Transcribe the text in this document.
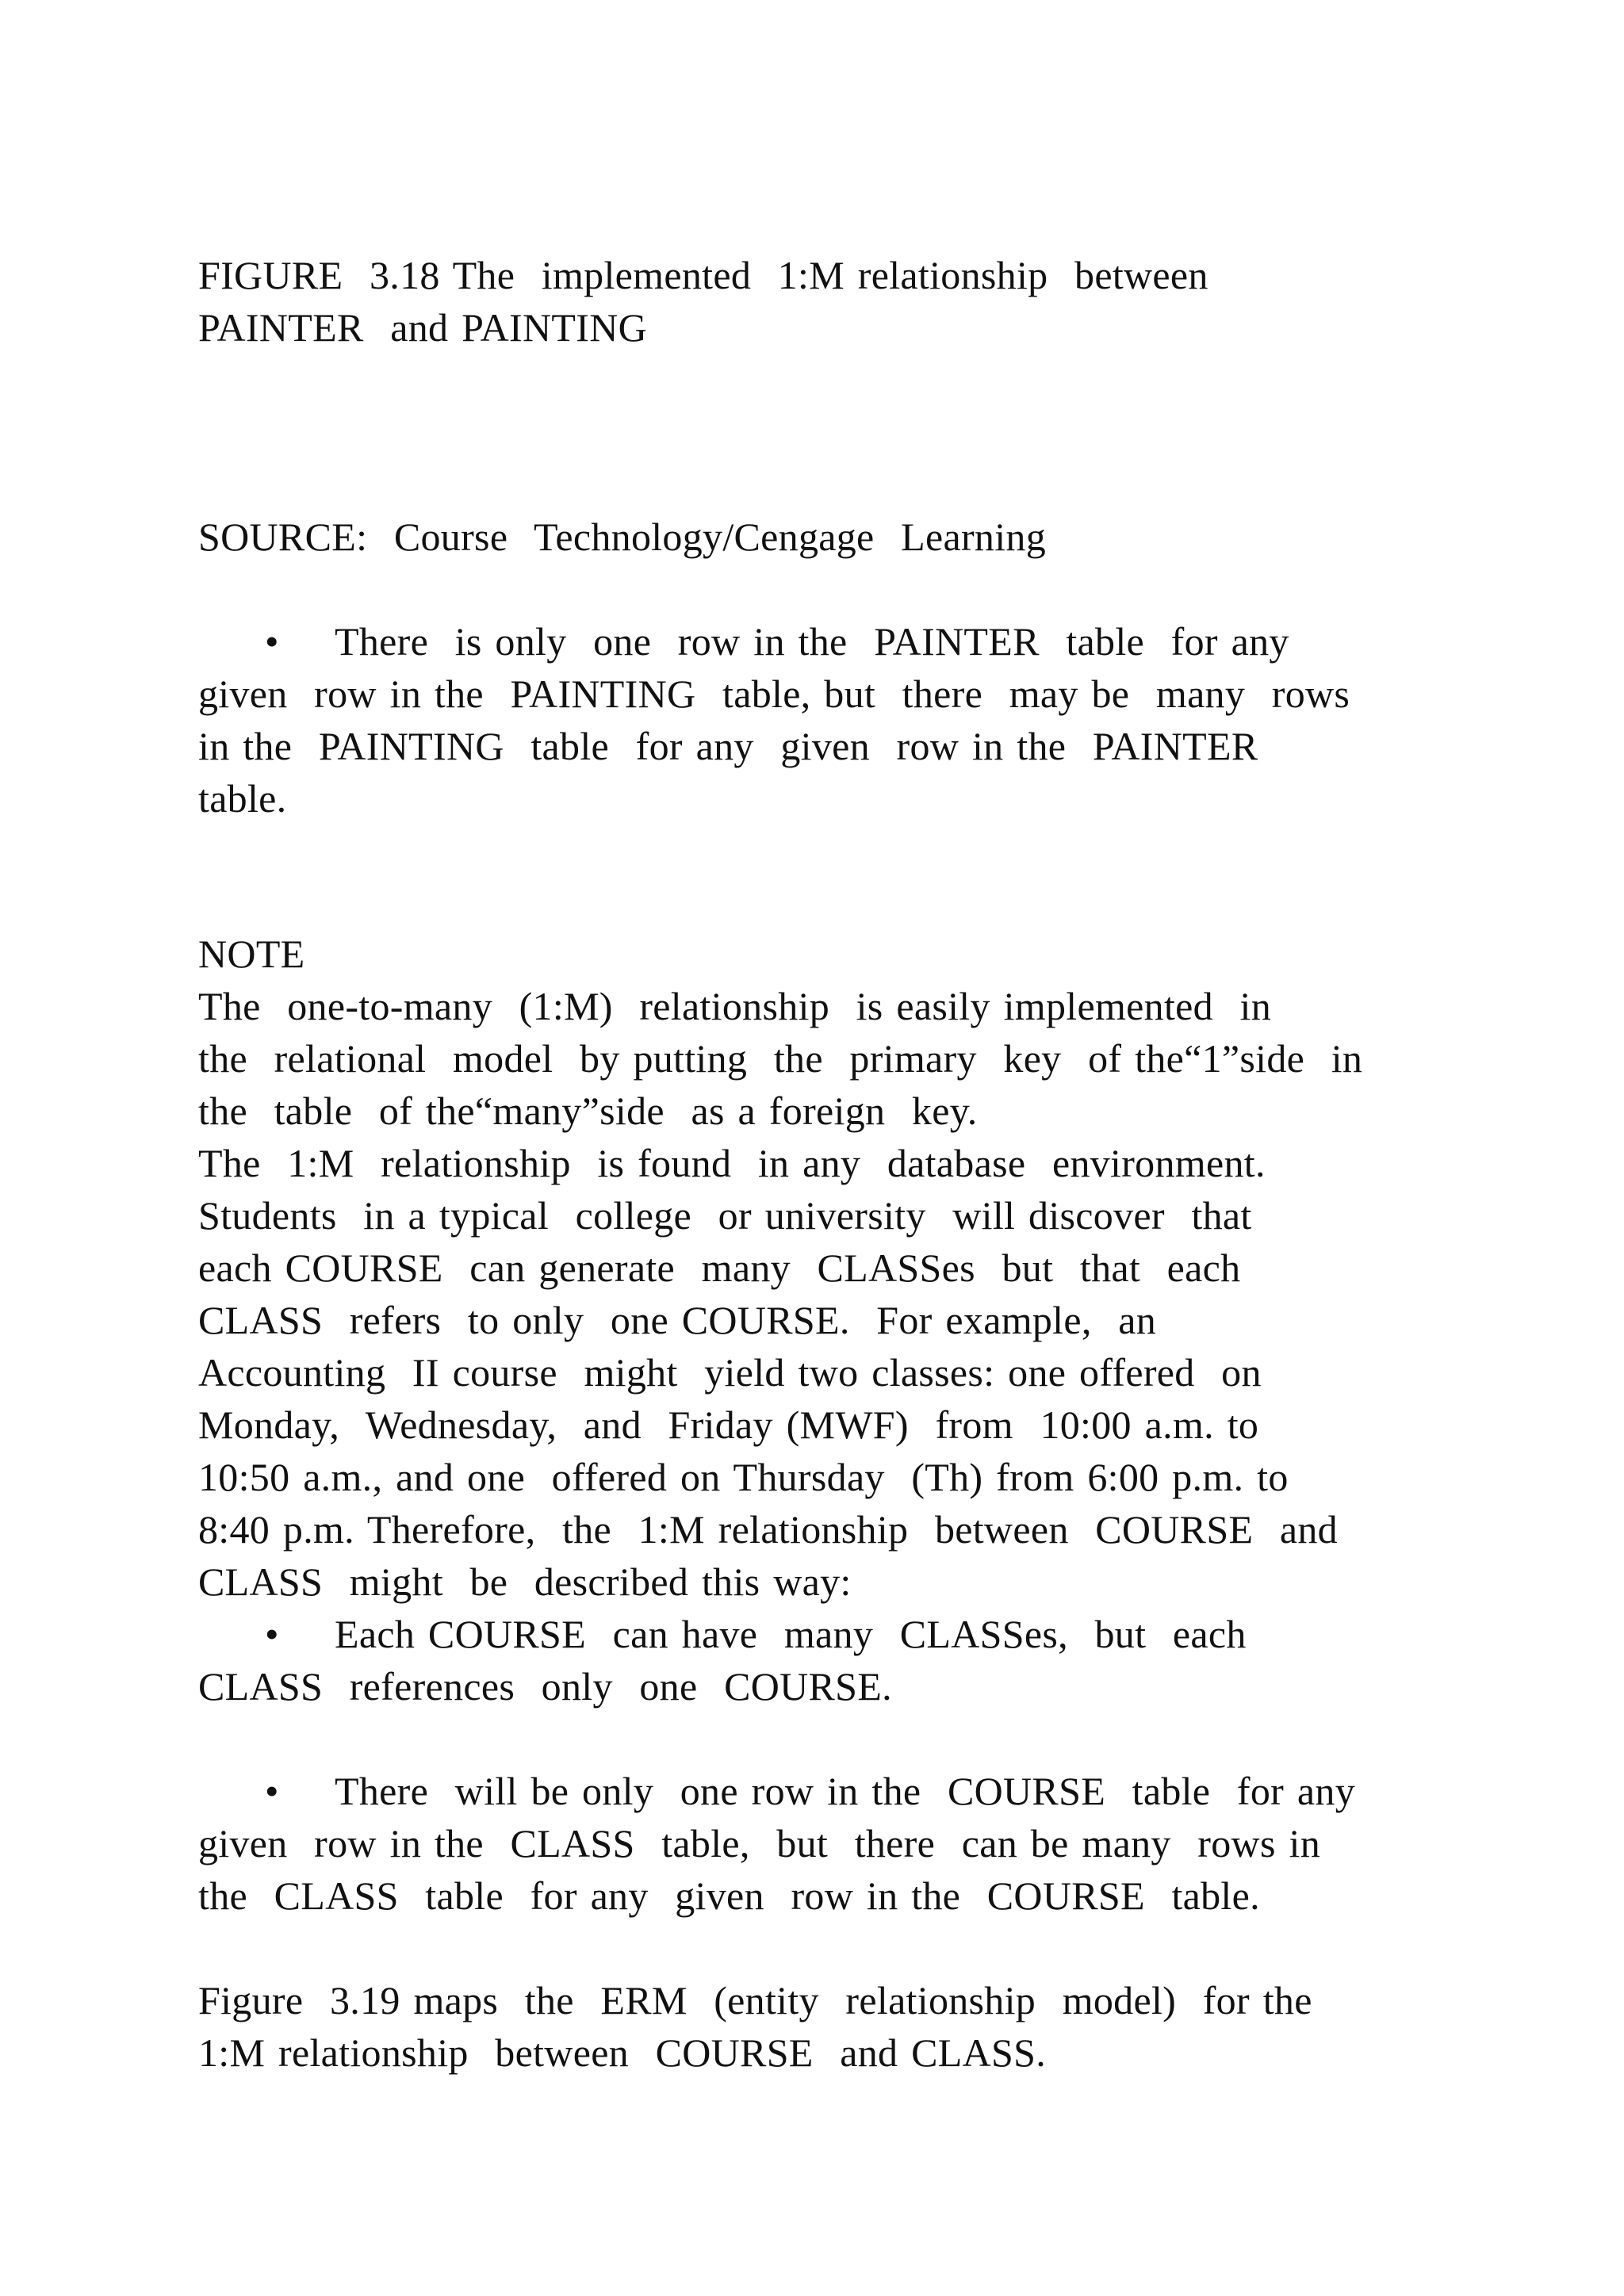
FIGURE  3.18 The  implemented  1:M relationship  between

PAINTER  and PAINTING

SOURCE:  Course  Technology/Cengage  Learning

• There  is only  one  row in the  PAINTER  table  for any

given  row in the  PAINTING  table, but  there  may be  many  rows

in the  PAINTING  table  for any  given  row in the  PAINTER

table.

NOTE

The  one-to-many  (1:M)  relationship  is easily implemented  in

the  relational  model  by putting  the  primary  key  of the“1”side  in

the  table  of the“many”side  as a foreign  key.

The  1:M  relationship  is found  in any  database  environment.

Students  in a typical  college  or university  will discover  that

each COURSE  can generate  many  CLASSes  but  that  each

CLASS  refers  to only  one COURSE.  For example,  an

Accounting  II course  might  yield two classes: one offered  on

Monday,  Wednesday,  and  Friday (MWF)  from  10:00 a.m. to

10:50 a.m., and one  offered on Thursday  (Th) from 6:00 p.m. to

8:40 p.m. Therefore,  the  1:M relationship  between  COURSE  and

CLASS  might  be  described this way:

• Each COURSE  can have  many  CLASSes,  but  each

CLASS  references  only  one  COURSE.

• There  will be only  one row in the  COURSE  table  for any

given  row in the  CLASS  table,  but  there  can be many  rows in

the  CLASS  table  for any  given  row in the  COURSE  table.

Figure  3.19 maps  the  ERM  (entity  relationship  model)  for the

1:M relationship  between  COURSE  and CLASS.
